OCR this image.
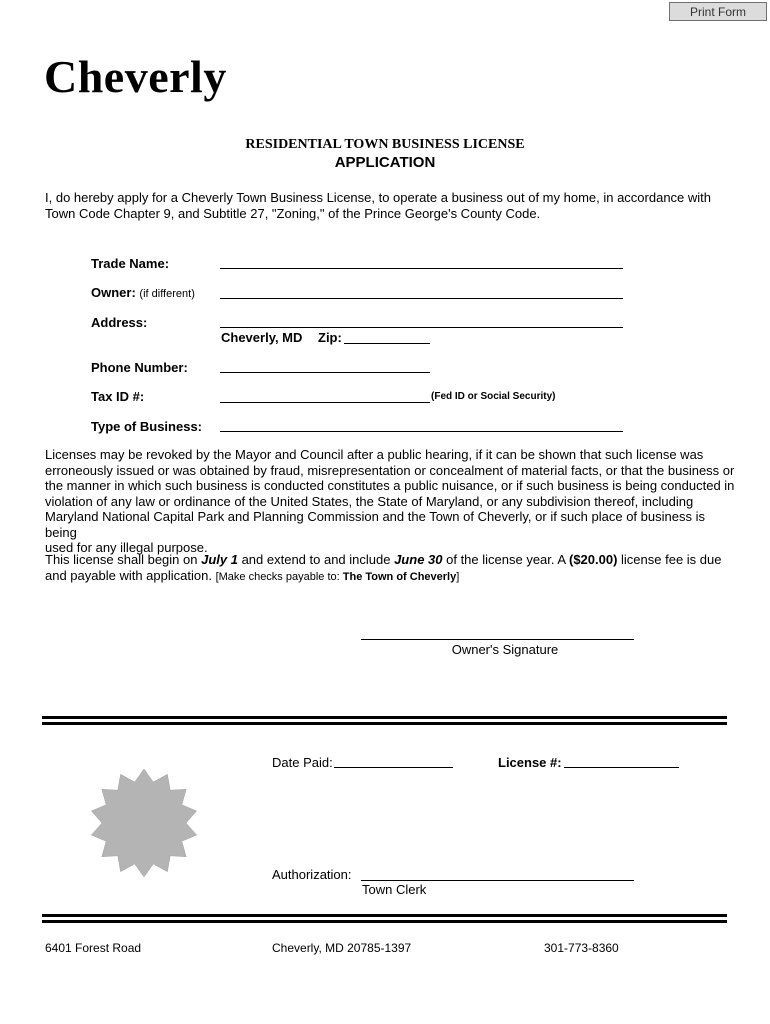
Print Form
Cheverly
RESIDENTIAL TOWN BUSINESS LICENSE
APPLICATION
I, do hereby apply for a Cheverly Town Business License, to operate a business out of my home, in accordance with
Town Code Chapter 9, and Subtitle 27, "Zoning," of the Prince George's County Code.
Trade Name:
Owner: (if different)
Address:
Cheverly, MD Zip:
Phone Number:
Tax ID #:	(Fed ID or Social Security)
Type of Business:
Licenses may be revoked by the Mayor and Council after a public hearing, if it can be shown that such license was
erroneously issued or was obtained by fraud, misrepresentation or concealment of material facts, or that the business or
the manner in which such business is conducted constitutes a public nuisance, or if such business is being conducted in
violation of any law or ordinance of the United States, the State of Maryland, or any subdivision thereof, including
Maryland National Capital Park and Planning Commission and the Town of Cheverly, or if such place of business is being
used for any illegal purpose.
This license shall begin on July 1 and extend to and include June 30 of the license year. A ($20.00) license fee is due
and payable with application. [Make checks payable to: The Town of Cheverly]
Owner's Signature
Date Paid:	License #:
Authorization:
Town Clerk
6401 Forest Road	Cheverly, MD 20785-1397	301-773-8360
